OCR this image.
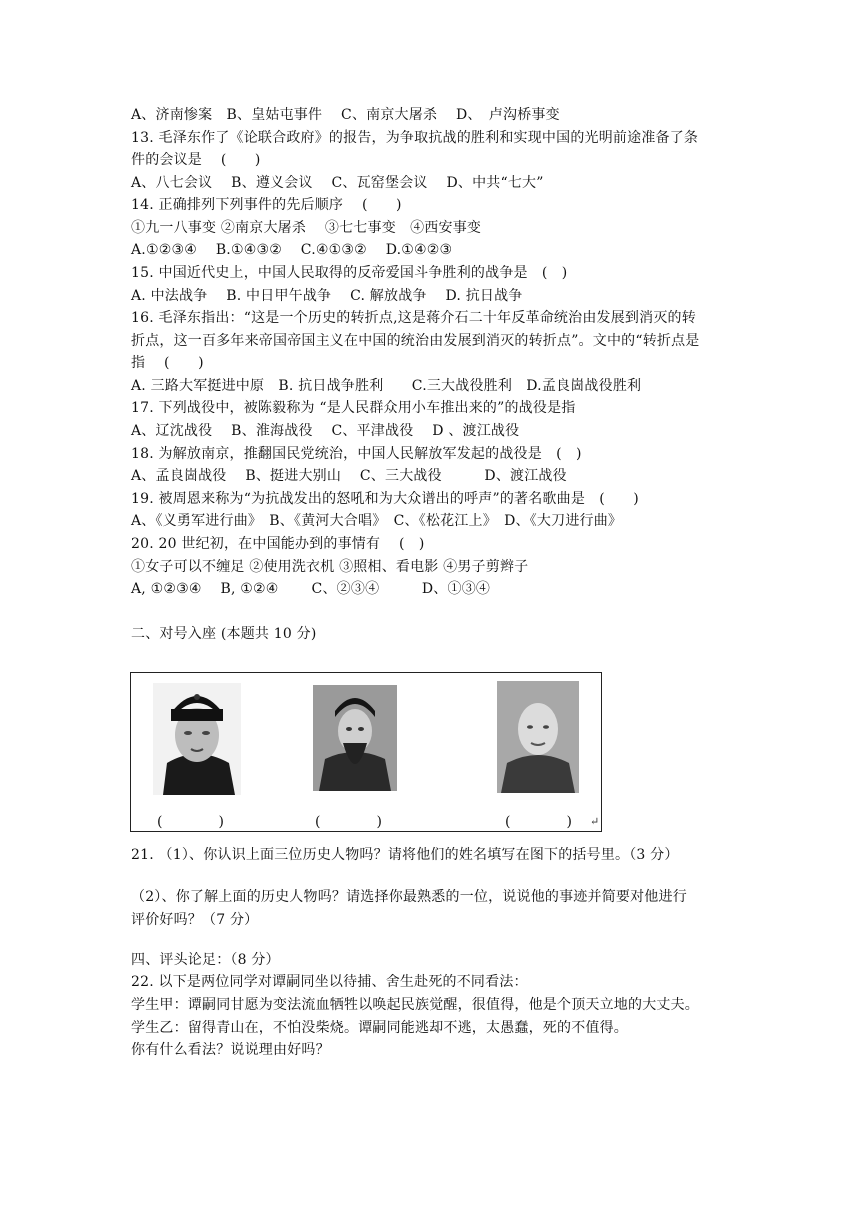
A、济南惨案　B、皇姑屯事件　 C、南京大屠杀　 D、　卢沟桥事变
13. 毛泽东作了《论联合政府》的报告，为争取抗战的胜利和实现中国的光明前途准备了条
件的会议是　 (　　)
A、八七会议　 B、遵义会议　 C、瓦窑堡会议　 D、中共“七大”
14. 正确排列下列事件的先后顺序　 (　　)
①九一八事变 ②南京大屠杀　 ③七七事变　④西安事变
A.①②③④　 B.①④③②　 C.④①③②　 D.①④②③
15. 中国近代史上，中国人民取得的反帝爱国斗争胜利的战争是　(　)
A. 中法战争　 B. 中日甲午战争　 C. 解放战争　 D. 抗日战争
16. 毛泽东指出：“这是一个历史的转折点,这是蒋介石二十年反革命统治由发展到消灭的转
折点，这一百多年来帝国帝国主义在中国的统治由发展到消灭的转折点”。文中的“转折点是
指　 (　　)
A. 三路大军挺进中原　B. 抗日战争胜利　　C.三大战役胜利　D.孟良崮战役胜利
17. 下列战役中，被陈毅称为 “是人民群众用小车推出来的”的战役是指
A、辽沈战役　 B、淮海战役　 C、平津战役　 D 、渡江战役
18. 为解放南京，推翻国民党统治，中国人民解放军发起的战役是　(　)
A、孟良崮战役　 B、挺进大别山　 C、三大战役　　　D、渡江战役
19. 被周恩来称为“为抗战发出的怒吼和为大众谱出的呼声”的著名歌曲是　(　　)
A、《义勇军进行曲》　B、《黄河大合唱》　C、《松花江上》　D、《大刀进行曲》
20. 20 世纪初，在中国能办到的事情有　 (　)
①女子可以不缠足 ②使用洗衣机 ③照相、看电影 ④男子剪辫子
A, ①②③④　 B, ①②④　　 C、②③④　　　D、①③④
二、对号入座 (本题共 10 分)
(　　　　)	(　　　　)	(　　　　) ↵
21. （1）、你认识上面三位历史人物吗？请将他们的姓名填写在图下的括号里。（3 分）
（2）、你了解上面的历史人物吗？请选择你最熟悉的一位，说说他的事迹并简要对他进行
评价好吗？（7 分）
四、评头论足：（8 分）
22. 以下是两位同学对谭嗣同坐以待捕、舍生赴死的不同看法：
学生甲：谭嗣同甘愿为变法流血牺牲以唤起民族觉醒，很值得，他是个顶天立地的大丈夫。
学生乙：留得青山在，不怕没柴烧。谭嗣同能逃却不逃，太愚蠢，死的不值得。
你有什么看法？说说理由好吗？
